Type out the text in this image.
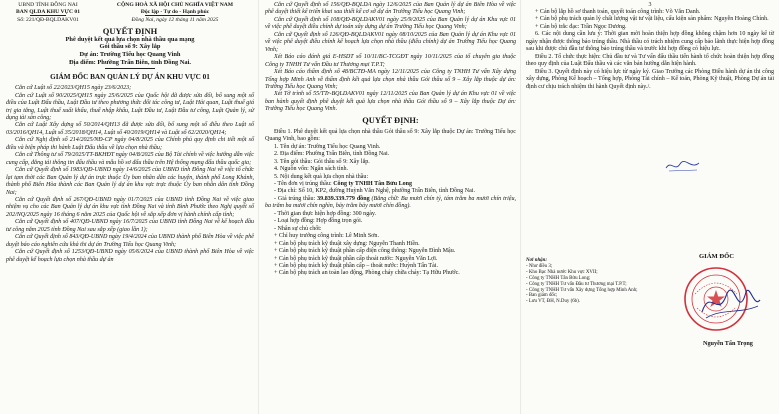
UBND TỈNH ĐỒNG NAI
BAN QLDA KHU VỰC 01
Số: 221/QĐ-BQLDAKV01
CỘNG HOÀ XÃ HỘI CHỦ NGHĨA VIỆT NAM
Độc lập - Tự do - Hạnh phúc
Đồng Nai, ngày 12 tháng 11 năm 2025
QUYẾT ĐỊNH
Phê duyệt kết quả lựa chọn nhà thầu qua mạng
Gói thầu số 9: Xây lắp
Dự án: Trường Tiểu học Quang Vinh
Địa điểm: Phường Trấn Biên, tỉnh Đồng Nai.
GIÁM ĐỐC BAN QUẢN LÝ DỰ ÁN KHU VỰC 01

Căn cứ Luật số 22/2023/QH15 ngày 23/6/2023;

Căn cứ Luật số 90/2025/QH15 ngày 25/6/2025 của Quốc hội đã được sửa đổi, bổ sung một số điều của Luật Đấu thầu, Luật Đầu tư theo phương thức đối tác công tư, Luật Hải quan, Luật thuế giá trị gia tăng, Luật thuế xuất khẩu, thuế nhập khẩu, Luật Đầu tư, Luật Đầu tư công, Luật Quản lý, sử dụng tài sản công;

Căn cứ Luật Xây dựng số 50/2014/QH13 đã được sửa đổi, bổ sung một số điều theo Luật số 03/2016/QH14, Luật số 35/2018/QH14, Luật số 40/2019/QH14 và Luật số 62/2020/QH14;

Căn cứ Nghị định số 214/2025/NĐ-CP ngày 04/8/2025 của Chính phủ quy định chi tiết một số điều và biện pháp thi hành Luật Đấu thầu về lựa chọn nhà thầu;

Căn cứ Thông tư số 79/2025/TT-BKHĐT ngày 04/8/2025 của Bộ Tài chính về việc hướng dẫn việc cung cấp, đăng tải thông tin đấu thầu và mẫu hồ sơ đấu thầu trên Hệ thống mạng đấu thầu quốc gia;

Căn cứ Quyết định số 1983/QĐ-UBND ngày 14/6/2025 của UBND tỉnh Đồng Nai về việc tổ chức lại tạm thời các Ban Quản lý dự án trực thuộc Ủy ban nhân dân các huyện, thành phố Long Khánh, thành phố Biên Hòa thành các Ban Quản lý dự án khu vực trực thuộc Ủy ban nhân dân tỉnh Đồng Nai;

Căn cứ Quyết định số 267/QĐ-UBND ngày 01/7/2025 của UBND tỉnh Đồng Nai về việc giao nhiệm vụ cho các Ban Quản lý dự án khu vực tỉnh Đồng Nai và tỉnh Bình Phước theo Nghị quyết số 202/NQ/2025 ngày 16 tháng 6 năm 2025 của Quốc hội về sắp xếp đơn vị hành chính cấp tỉnh;

Căn cứ Quyết định số 407/QĐ-UBND ngày 16/7/2025 của UBND tỉnh Đồng Nai về kế hoạch đầu tư công năm 2025 tỉnh Đồng Nai sau sắp xếp (giao lần 1);

Căn cứ Quyết định số 843/QĐ-UBND ngày 19/4/2024 của UBND thành phố Biên Hòa về việc phê duyệt báo cáo nghiên cứu khả thi dự án Trường Tiểu học Quang Vinh;

Căn cứ Quyết định số 1253/QĐ-UBND ngày 05/6/2024 của UBND thành phố Biên Hòa về việc phê duyệt kế hoạch lựa chọn nhà thầu dự án

Căn cứ Quyết định số 156/QĐ-BQLDA ngày 12/6/2025 của Ban Quản lý dự án Biên Hòa về việc phê duyệt thiết kế triển khai sau thiết kế cơ sở dự án Trường Tiểu học Quang Vinh;

Căn cứ Quyết định số 108/QĐ-BQLDAKV01 ngày 25/9/2025 của Ban Quản lý dự án Khu vực 01 về việc phê duyệt điều chỉnh dự toán xây dựng dự án Trường Tiểu học Quang Vinh;

Căn cứ Quyết định số 126/QĐ-BQLDAKV01 ngày 08/10/2025 của Ban Quản lý dự án Khu vực 01 về việc phê duyệt điều chỉnh kế hoạch lựa chọn nhà thầu (điều chỉnh) dự án Trường Tiểu học Quang Vinh;

Xét Báo cáo đánh giá E-HSDT số 10/11/BC-TCGĐT ngày 10/11/2025 của tổ chuyên gia thuộc Công ty TNHH Tư vấn Đầu tư Thương mại T.P.T;

Xét Báo cáo thẩm định số 48/BCTĐ-MA ngày 12/11/2025 của Công ty TNHH Tư vấn Xây dựng Tổng hợp Minh Anh về thẩm định kết quả lựa chọn nhà thầu Gói thầu số 9 – Xây lắp thuộc dự án: Trường Tiểu học Quang Vinh;

Xét Tờ trình số 55/TTr-BQLDAKV01 ngày 12/11/2025 của Ban Quản lý dự án Khu vực 01 về việc ban hành quyết định phê duyệt kết quả lựa chọn nhà thầu Gói thầu số 9 – Xây lắp thuộc Dự án: Trường Tiểu học Quang Vinh.

QUYẾT ĐỊNH:

Điều 1. Phê duyệt kết quả lựa chọn nhà thầu Gói thầu số 9: Xây lắp thuộc Dự án: Trường Tiểu học Quang Vinh, bao gồm:

1. Tên dự án: Trường Tiểu học Quang Vinh.

2. Địa điểm: Phường Trấn Biên, tỉnh Đồng Nai.

3. Tên gói thầu: Gói thầu số 9: Xây lắp.

4. Nguồn vốn: Ngân sách tỉnh.

5. Nội dung kết quả lựa chọn nhà thầu:

- Tên đơn vị trúng thầu: Công ty TNHH Tân Bửu Long

- Địa chỉ: Số 10, KP2, đường Huỳnh Văn Nghệ, phường Trấn Biên, tỉnh Đồng Nai.

- Giá trúng thầu: 39.839.339.779 đồng (Bằng chữ: Ba mươi chín tỷ, tám trăm ba mươi chín triệu, ba trăm ba mươi chín nghìn, bảy trăm bảy mươi chín đồng).

- Thời gian thực hiện hợp đồng: 300 ngày.

- Loại hợp đồng: Hợp đồng trọn gói.

- Nhân sự chủ chốt:

+ Chỉ huy trưởng công trình: Lê Minh Sơn.

+ Cán bộ phụ trách kỹ thuật xây dựng: Nguyễn Thanh Hiền.

+ Cán bộ phụ trách kỹ thuật phần cấp điện công thông: Nguyễn Đình Mậu.

+ Cán bộ phụ trách kỹ thuật phần cấp thoát nước: Nguyễn Văn Lợi.

+ Cán bộ phụ trách kỹ thuật phần cấp – thoát nước: Huỳnh Tấn Tài.

+ Cán bộ phụ trách an toàn lao động, Phòng cháy chữa cháy: Tạ Hữu Phước.

3

+ Cán bộ lắp hồ sơ thanh toán, quyết toán công trình: Võ Văn Danh.

+ Cán bộ phụ trách quản lý chất lượng vật tư vật liệu, cấu kiện sản phẩm: Nguyễn Hoàng Chính.

+ Cán bộ trắc đạc: Trần Ngọc Dương.

6. Các nội dung cần lưu ý: Thời gian mời hoàn thiện hợp đồng không chậm hơn 10 ngày kể từ ngày nhận được thông báo trúng thầu. Nhà thầu có trách nhiệm cung cấp bảo lãnh thực hiện hợp đồng sau khi được chủ đầu tư thông báo trúng thầu và trước khi hợp đồng có hiệu lực.

Điều 2. Tổ chức thực hiện: Chủ đầu tư và Tư vấn đấu thầu tiến hành tổ chức hoàn thiện hợp đồng theo quy định của Luật Đấu thầu và các văn bản hướng dẫn hiện hành.

Điều 3. Quyết định này có hiệu lực từ ngày ký. Giao Trưởng các Phòng Điều hành dự án thi công xây dựng, Phòng Kế hoạch – Tổng hợp, Phòng Tài chính – Kế toán, Phòng Kỹ thuật, Phòng Dự án tài định cư chịu trách nhiệm thi hành Quyết định này./.

Nơi nhận:
- Như điều 3;
- Kho Bạc Nhà nước Khu vực XVII;
- Công ty TNHH Tân Bửu Long;
- Công ty TNHH Tư vấn Đầu tư Thương mại T.P.T;
- Công ty TNHH Tư vấn Xây dựng Tổng hợp Minh Anh;
- Ban giám đốc;
- Lưu VT, ĐH, N.Duy (6b).
GIÁM ĐỐC
Nguyễn Tấn Trọng
